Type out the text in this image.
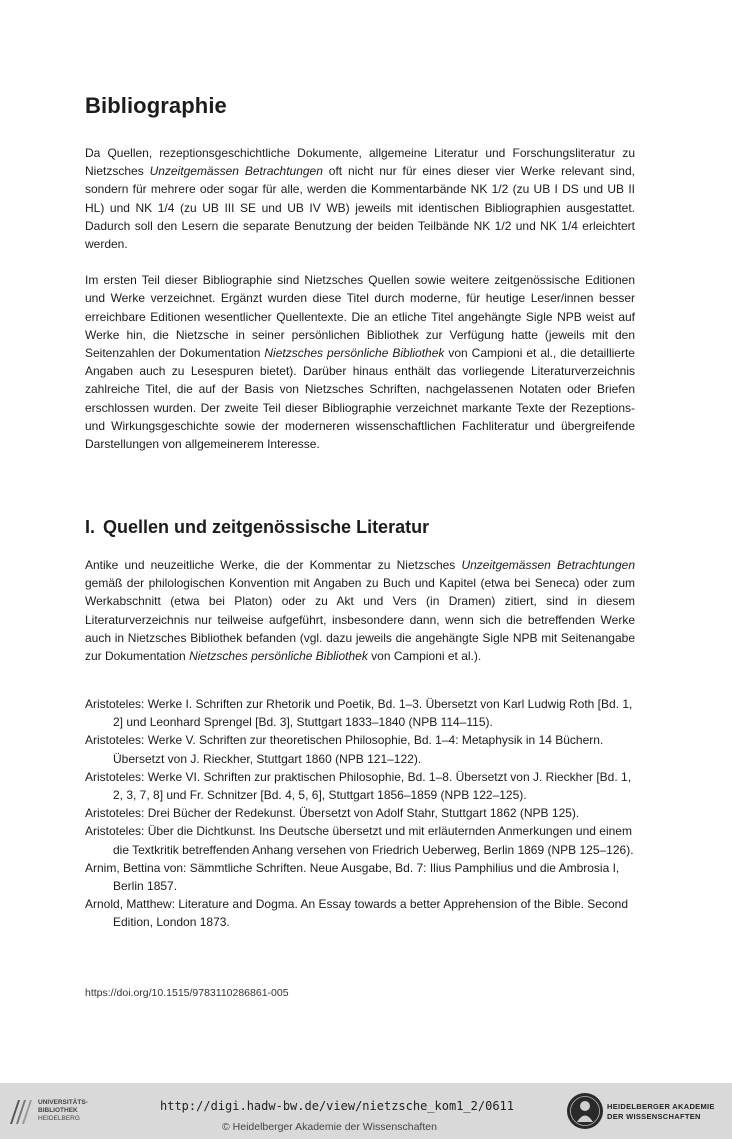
Bibliographie

Da Quellen, rezeptionsgeschichtliche Dokumente, allgemeine Literatur und Forschungsliteratur zu Nietzsches Unzeitgemässen Betrachtungen oft nicht nur für eines dieser vier Werke relevant sind, sondern für mehrere oder sogar für alle, werden die Kommentarbände NK 1/2 (zu UB I DS und UB II HL) und NK 1/4 (zu UB III SE und UB IV WB) jeweils mit identischen Bibliographien ausgestattet. Dadurch soll den Lesern die separate Benutzung der beiden Teilbände NK 1/2 und NK 1/4 erleichtert werden.

Im ersten Teil dieser Bibliographie sind Nietzsches Quellen sowie weitere zeitgenössische Editionen und Werke verzeichnet. Ergänzt wurden diese Titel durch moderne, für heutige Leser/innen besser erreichbare Editionen wesentlicher Quellentexte. Die an etliche Titel angehängte Sigle NPB weist auf Werke hin, die Nietzsche in seiner persönlichen Bibliothek zur Verfügung hatte (jeweils mit den Seitenzahlen der Dokumentation Nietzsches persönliche Bibliothek von Campioni et al., die detaillierte Angaben auch zu Lesespuren bietet). Darüber hinaus enthält das vorliegende Literaturverzeichnis zahlreiche Titel, die auf der Basis von Nietzsches Schriften, nachgelassenen Notaten oder Briefen erschlossen wurden. Der zweite Teil dieser Bibliographie verzeichnet markante Texte der Rezeptions- und Wirkungsgeschichte sowie der moderneren wissenschaftlichen Fachliteratur und übergreifende Darstellungen von allgemeinerem Interesse.

I. Quellen und zeitgenössische Literatur

Antike und neuzeitliche Werke, die der Kommentar zu Nietzsches Unzeitgemässen Betrachtungen gemäß der philologischen Konvention mit Angaben zu Buch und Kapitel (etwa bei Seneca) oder zum Werkabschnitt (etwa bei Platon) oder zu Akt und Vers (in Dramen) zitiert, sind in diesem Literaturverzeichnis nur teilweise aufgeführt, insbesondere dann, wenn sich die betreffenden Werke auch in Nietzsches Bibliothek befanden (vgl. dazu jeweils die angehängte Sigle NPB mit Seitenangabe zur Dokumentation Nietzsches persönliche Bibliothek von Campioni et al.).

Aristoteles: Werke I. Schriften zur Rhetorik und Poetik, Bd. 1–3. Übersetzt von Karl Ludwig Roth [Bd. 1, 2] und Leonhard Sprengel [Bd. 3], Stuttgart 1833–1840 (NPB 114–115).
Aristoteles: Werke V. Schriften zur theoretischen Philosophie, Bd. 1–4: Metaphysik in 14 Büchern. Übersetzt von J. Rieckher, Stuttgart 1860 (NPB 121–122).
Aristoteles: Werke VI. Schriften zur praktischen Philosophie, Bd. 1–8. Übersetzt von J. Rieckher [Bd. 1, 2, 3, 7, 8] und Fr. Schnitzer [Bd. 4, 5, 6], Stuttgart 1856–1859 (NPB 122–125).
Aristoteles: Drei Bücher der Redekunst. Übersetzt von Adolf Stahr, Stuttgart 1862 (NPB 125).
Aristoteles: Über die Dichtkunst. Ins Deutsche übersetzt und mit erläuternden Anmerkungen und einem die Textkritik betreffenden Anhang versehen von Friedrich Ueberweg, Berlin 1869 (NPB 125–126).
Arnim, Bettina von: Sämmtliche Schriften. Neue Ausgabe, Bd. 7: Ilius Pamphilius und die Ambrosia I, Berlin 1857.
Arnold, Matthew: Literature and Dogma. An Essay towards a better Apprehension of the Bible. Second Edition, London 1873.
https://doi.org/10.1515/9783110286861-005
UNIVERSITÄTS-
BIBLIOTHEK
HEIDELBERG
http://digi.hadw-bw.de/view/nietzsche_kom1_2/0611
© Heidelberger Akademie der Wissenschaften
HEIDELBERGER AKADEMIE
DER WISSENSCHAFTEN
